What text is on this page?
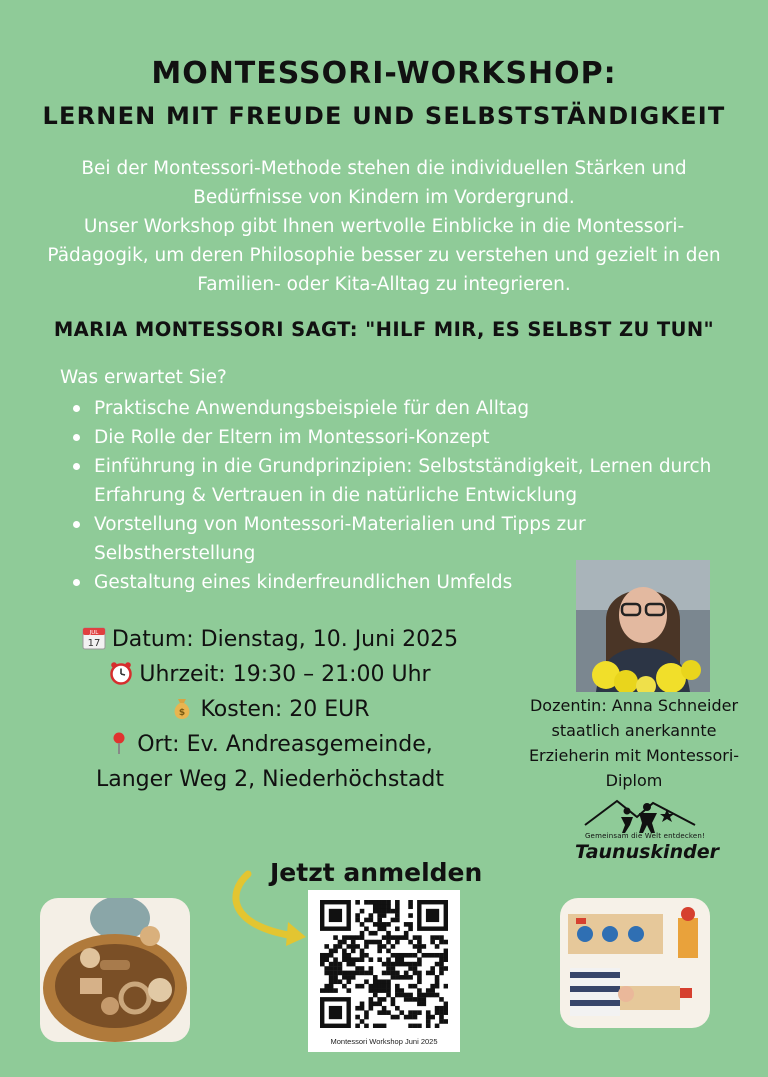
MONTESSORI-WORKSHOP:
LERNEN MIT FREUDE UND SELBSTSTÄNDIGKEIT
Bei der Montessori-Methode stehen die individuellen Stärken und
Bedürfnisse von Kindern im Vordergrund.
Unser Workshop gibt Ihnen wertvolle Einblicke in die Montessori-
Pädagogik, um deren Philosophie besser zu verstehen und gezielt in den
Familien- oder Kita-Alltag zu integrieren.
MARIA MONTESSORI SAGT: "HILF MIR, ES SELBST ZU TUN"
Was erwartet Sie?
Praktische Anwendungsbeispiele für den Alltag
Die Rolle der Eltern im Montessori-Konzept
Einführung in die Grundprinzipien: Selbstständigkeit, Lernen durch Erfahrung & Vertrauen in die natürliche Entwicklung
Vorstellung von Montessori-Materialien und Tipps zur Selbstherstellung
Gestaltung eines kinderfreundlichen Umfelds
JUL
17 Datum: Dienstag, 10. Juni 2025
Uhrzeit: 19:30 – 21:00 Uhr
$ Kosten: 20 EUR
Ort: Ev. Andreasgemeinde,
Langer Weg 2, Niederhöchstadt
Dozentin: Anna Schneider
staatlich anerkannte
Erzieherin mit Montessori-
Diplom
Gemeinsam die Welt entdecken!
Taunuskinder
Jetzt anmelden
Montessori Workshop Juni 2025
